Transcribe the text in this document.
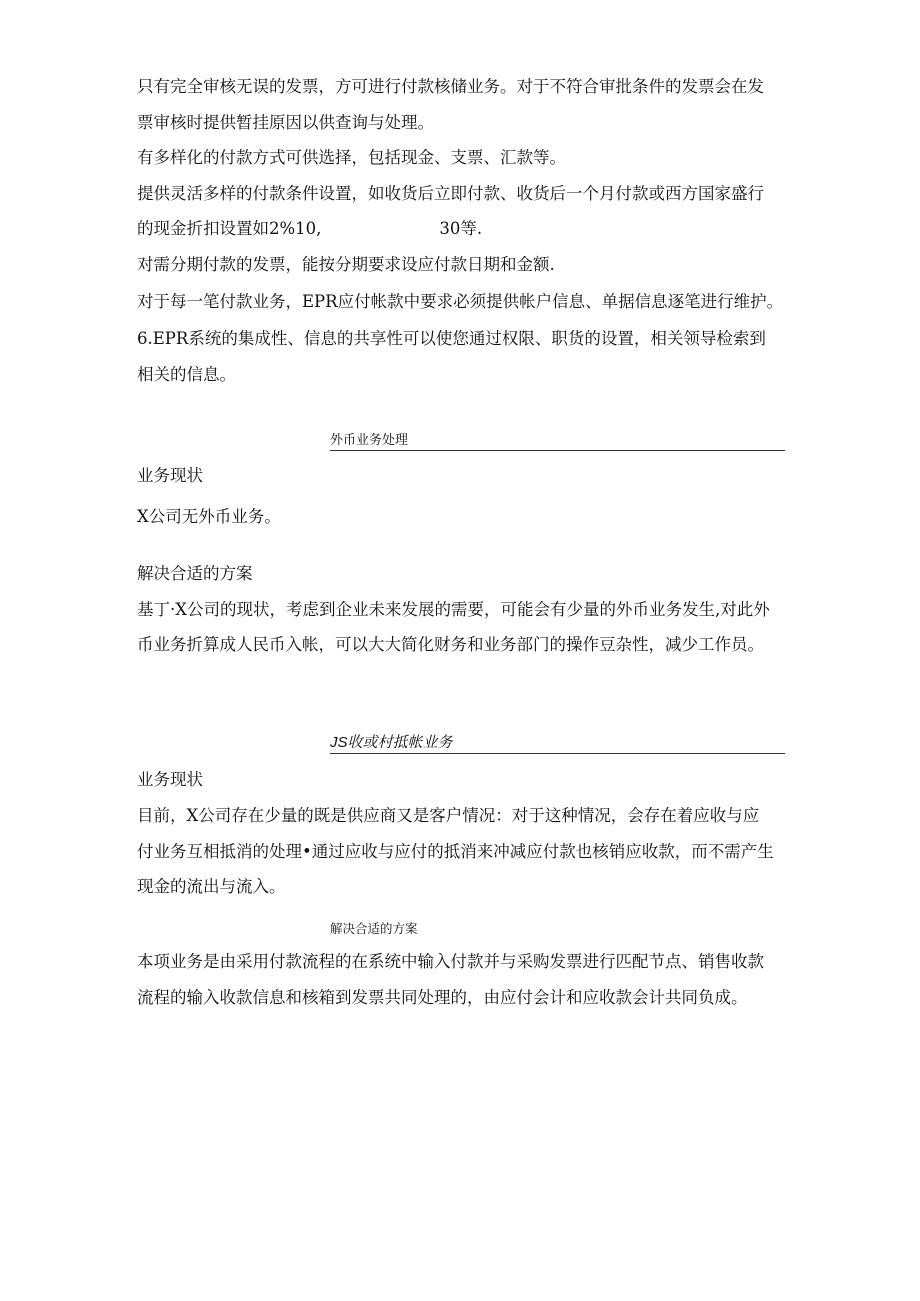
只有完全审核无误的发票，方可进行付款核储业务。对于不符合审批条件的发票会在发
票审核时提供暂挂原因以供查询与处理。
有多样化的付款方式可供选择，包括现金、支票、汇款等。
提供灵活多样的付款条件设置，如收货后立即付款、收货后一个月付款或西方国家盛行
的现金折扣设置如2%10,	30等.
对需分期付款的发票，能按分期要求设应付款日期和金额.
对于每一笔付款业务，EPR应付帐款中要求必须提供帐户信息、单据信息逐笔进行维护。
6.EPR系统的集成性、信息的共享性可以使您通过权限、职货的设置，相关领导检索到
相关的信息。
外币业务处理
业务现状
X公司无外币业务。
解决合适的方案
基丁·X公司的现状，考虑到企业未来发展的需要，可能会有少量的外币业务发生,对此外
币业务折算成人民币入帐，可以大大简化财务和业务部门的操作豆杂性，减少工作员。
JS收或村抵帐业务
业务现状
目前，X公司存在少量的既是供应商又是客户情况：对于这种情况，会存在着应收与应
付业务互相抵消的处理•通过应收与应付的抵消来冲减应付款也核销应收款，而不需产生
现金的流出与流入。
解决合适的方案
本项业务是由采用付款流程的在系统中输入付款并与采购发票进行匹配节点、销售收款
流程的输入收款信息和核箱到发票共同处理的，由应付会计和应收款会计共同负成。
